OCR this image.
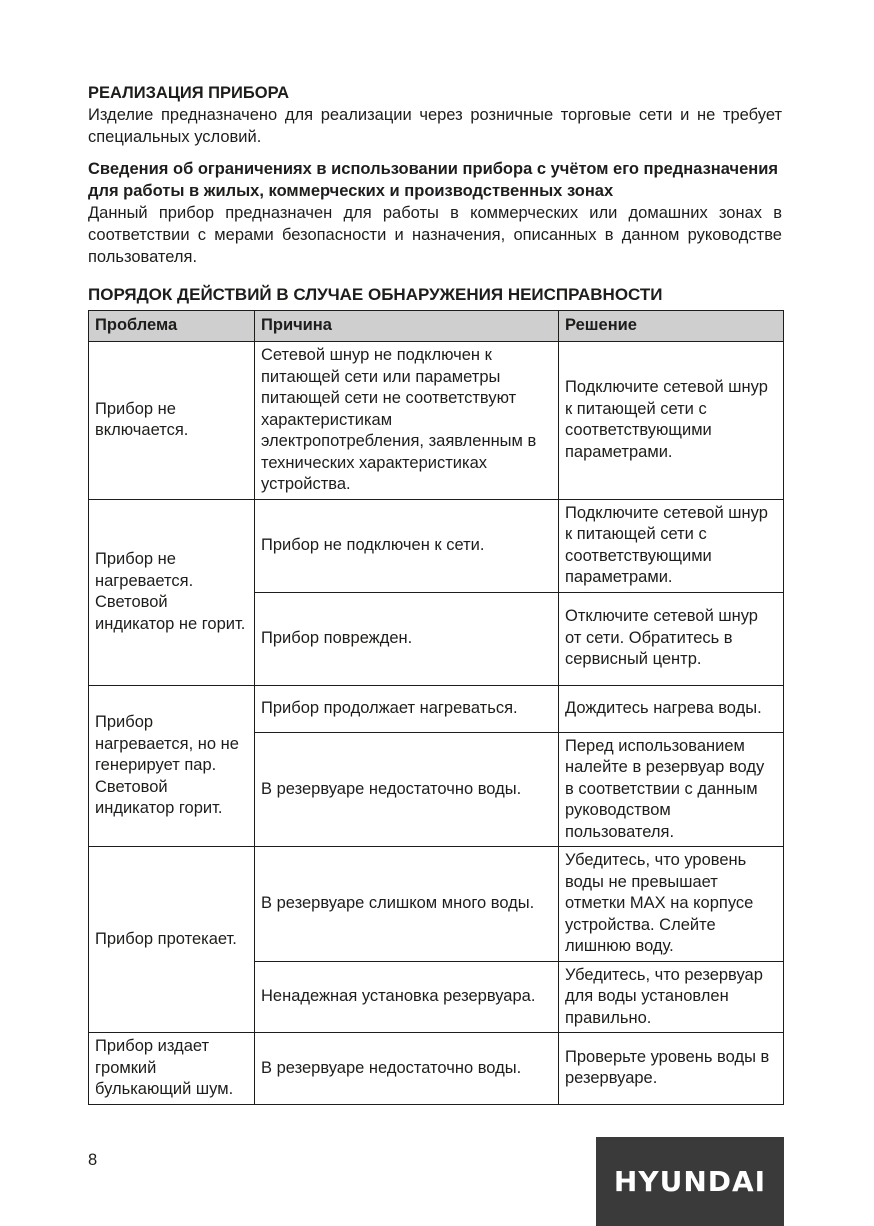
РЕАЛИЗАЦИЯ ПРИБОРА

Изделие предназначено для реализации через розничные торговые сети и не требует специальных условий.

Сведения об ограничениях в использовании прибора с учётом его предназначения для работы в жилых, коммерческих и производственных зонах

Данный прибор предназначен для работы в коммерческих или домашних зонах в соответствии с мерами безопасности и назначения, описанных в данном руководстве пользователя.

ПОРЯДОК ДЕЙСТВИЙ В СЛУЧАЕ ОБНАРУЖЕНИЯ НЕИСПРАВНОСТИ
Проблема	Причина	Решение
Прибор не включается.	Сетевой шнур не подключен к питающей сети или параметры питающей сети не соответствуют характеристикам электропотребления, заявленным в технических характеристиках устройства.	Подключите сетевой шнур к питающей сети с соответствующими параметрами.
Прибор не нагревается. Световой индикатор не горит.	Прибор не подключен к сети.	Подключите сетевой шнур к питающей сети с соответствующими параметрами.
	Прибор поврежден.	Отключите сетевой шнур от сети. Обратитесь в сервисный центр.
Прибор нагревается, но не генерирует пар. Световой индикатор горит.	Прибор продолжает нагреваться.	Дождитесь нагрева воды.
	В резервуаре недостаточно воды.	Перед использованием налейте в резервуар воду в соответствии с данным руководством пользователя.
Прибор протекает.	В резервуаре слишком много воды.	Убедитесь, что уровень воды не превышает отметки MAX на корпусе устройства. Слейте лишнюю воду.
	Ненадежная установка резервуара.	Убедитесь, что резервуар для воды установлен правильно.
Прибор издает громкий булькающий шум.	В резервуаре недостаточно воды.	Проверьте уровень воды в резервуаре.
8
HYUNDAI
